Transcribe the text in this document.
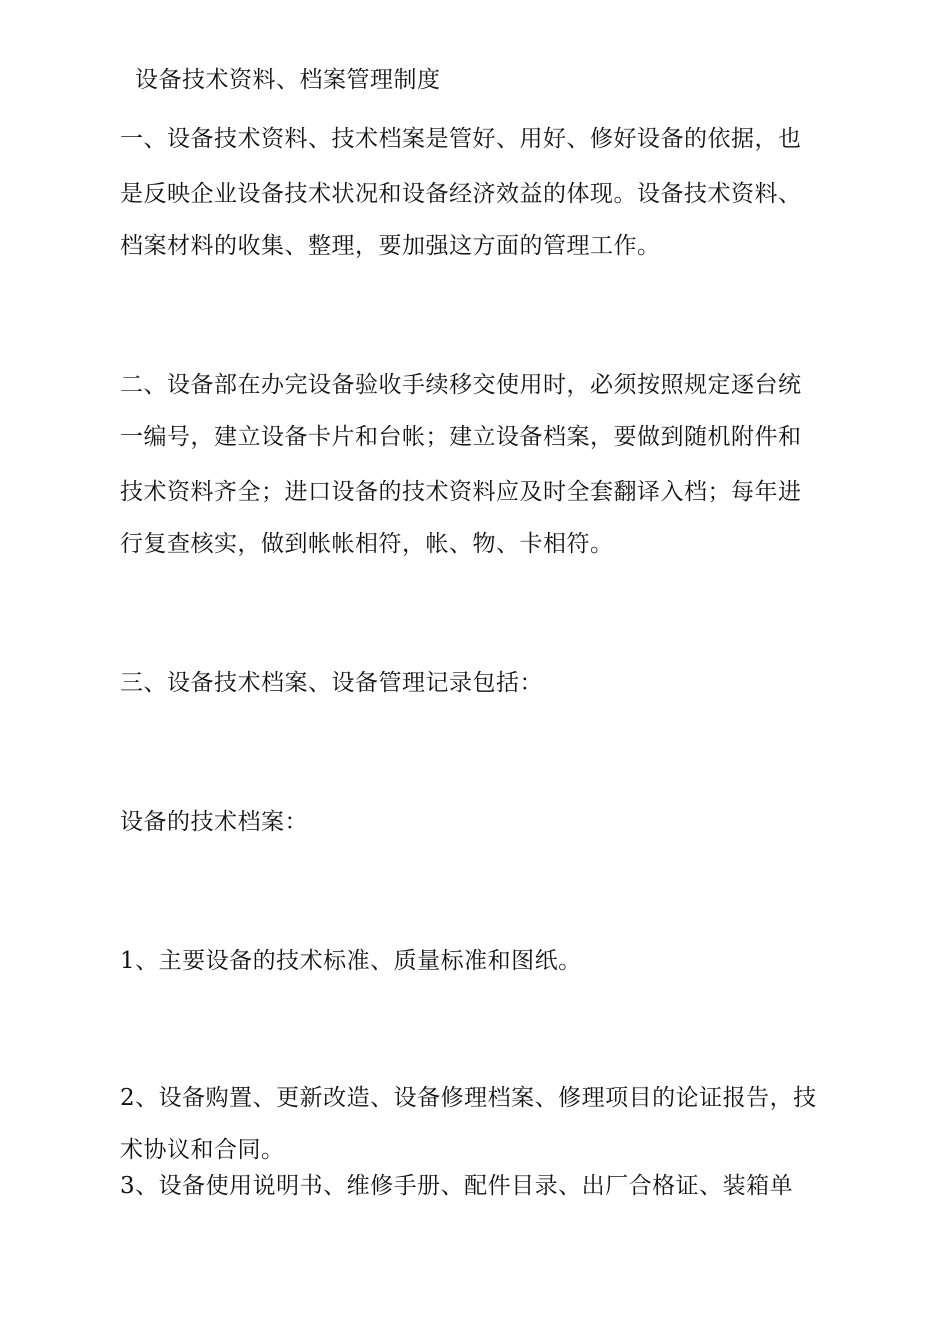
设备技术资料、档案管理制度
一、设备技术资料、技术档案是管好、用好、修好设备的依据，也
是反映企业设备技术状况和设备经济效益的体现。设备技术资料、
档案材料的收集、整理，要加强这方面的管理工作。
二、设备部在办完设备验收手续移交使用时，必须按照规定逐台统
一编号，建立设备卡片和台帐；建立设备档案，要做到随机附件和
技术资料齐全；进口设备的技术资料应及时全套翻译入档；每年进
行复查核实，做到帐帐相符，帐、物、卡相符。
三、设备技术档案、设备管理记录包括：
设备的技术档案：
1、主要设备的技术标准、质量标准和图纸。
2、设备购置、更新改造、设备修理档案、修理项目的论证报告，技
术协议和合同。
3、设备使用说明书、维修手册、配件目录、出厂合格证、装箱单
